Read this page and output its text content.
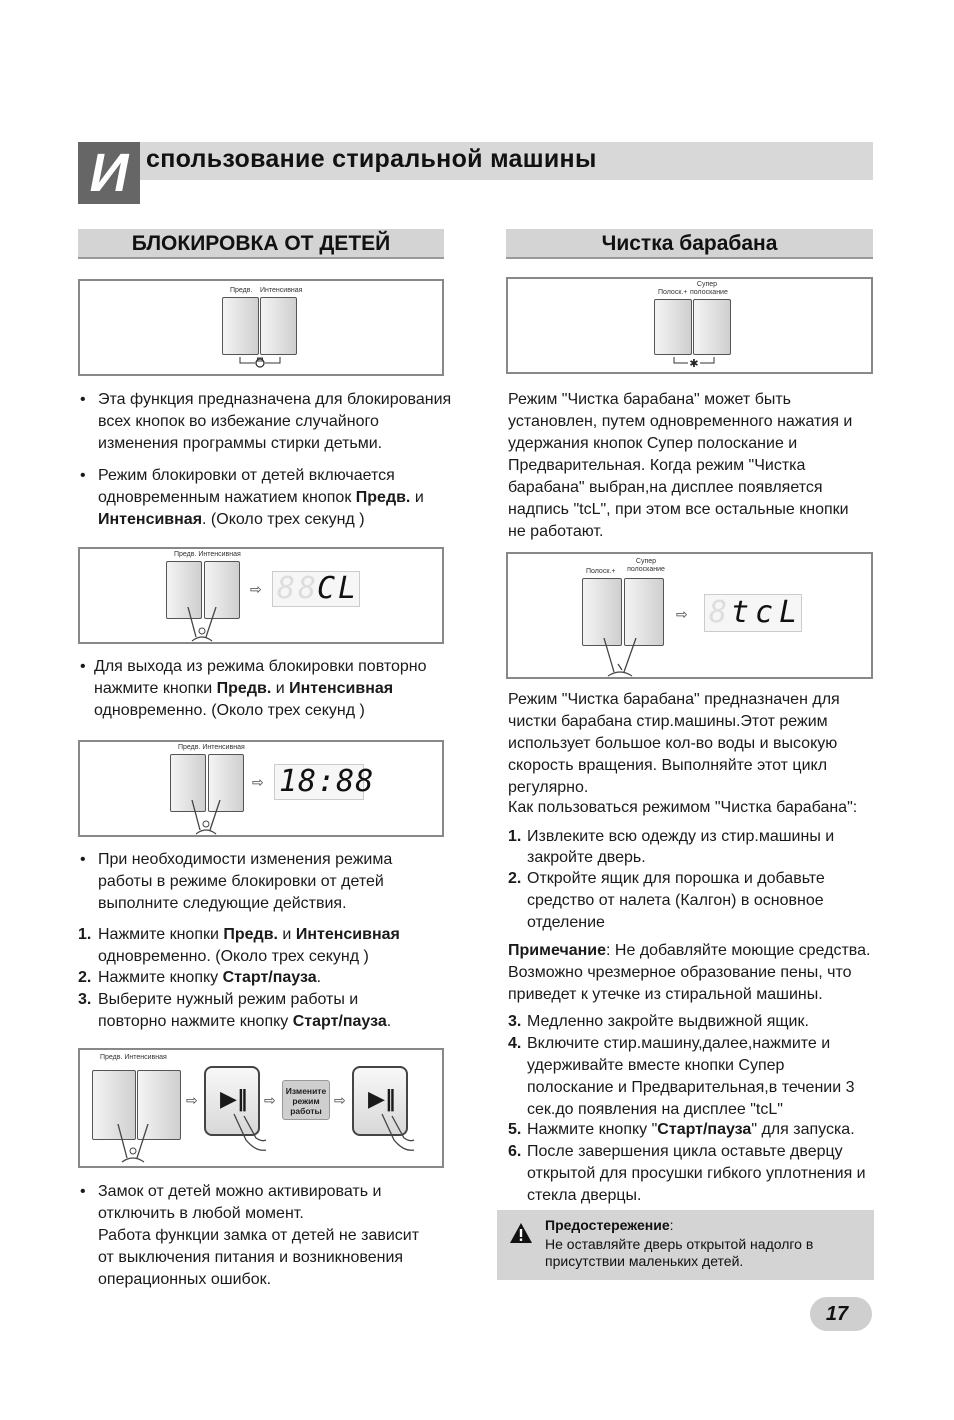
И спользование стиральной машины
БЛОКИРОВКА ОТ ДЕТЕЙ
Предв. Интенсивная
• Эта функция предназначена для блокирования
всех кнопок во избежание случайного
изменения программы стирки детьми.
• Режим блокировки от детей включается
одновременным нажатием кнопок Предв. и
Интенсивная. (Около трех секунд )
Предв. Интенсивная
⇨ 88
CL
• Для выхода из режима блокировки повторно
нажмите кнопки Предв. и Интенсивная
одновременно. (Около трех секунд )
Предв. Интенсивная
⇨ 18:88
• При необходимости изменения режима
работы в режиме блокировки от детей
выполните следующие действия.
1. Нажмите кнопки Предв. и Интенсивная
одновременно. (Около трех секунд )
2. Нажмите кнопку Старт/пауза.
3. Выберите нужный режим работы и
повторно нажмите кнопку Старт/пауза.
Предв. Интенсивная
⇨ ▶‖ ⇨
Измените режим работы
⇨ ▶‖
• Замок от детей можно активировать и
отключить в любой момент.
Работа функции замка от детей не зависит
от выключения питания и возникновения
операционных ошибок.
Чистка барабана
Полоск.+
Супер полоскание
✱
Режим "Чистка барабана" может быть
установлен, путем одновременного нажатия и
удержания кнопок Супер полоскание и
Предварительная. Когда режим "Чистка
барабана" выбран,на дисплее появляется
надпись "tcL", при этом все остальные кнопки
не работают.
Полоск.+
Супер полоскание
⇨ 8 tcL
Режим "Чистка барабана" предназначен для
чистки барабана стир.машины.Этот режим
использует большое кол-во воды и высокую
скорость вращения. Выполняйте этот цикл
регулярно.
Как пользоваться режимом "Чистка барабана":
1. Извлеките всю одежду из стир.машины и
закройте дверь.
2. Откройте ящик для порошка и добавьте
средство от налета (Калгон) в основное
отделение
Примечание: Не добавляйте моющие средства.
Возможно чрезмерное образование пены, что
приведет к утечке из стиральной машины.
3. Медленно закройте выдвижной ящик.
4. Включите стир.машину,далее,нажмите и
удерживайте вместе кнопки Супер
полоскание и Предварительная,в течении 3
сек.до появления на дисплее "tcL"
5. Нажмите кнопку "Старт/пауза" для запуска.
6. После завершения цикла оставьте дверцу
открытой для просушки гибкого уплотнения и
стекла дверцы.
Предостережение:
Не оставляйте дверь открытой надолго в
присутствии маленьких детей.
17
